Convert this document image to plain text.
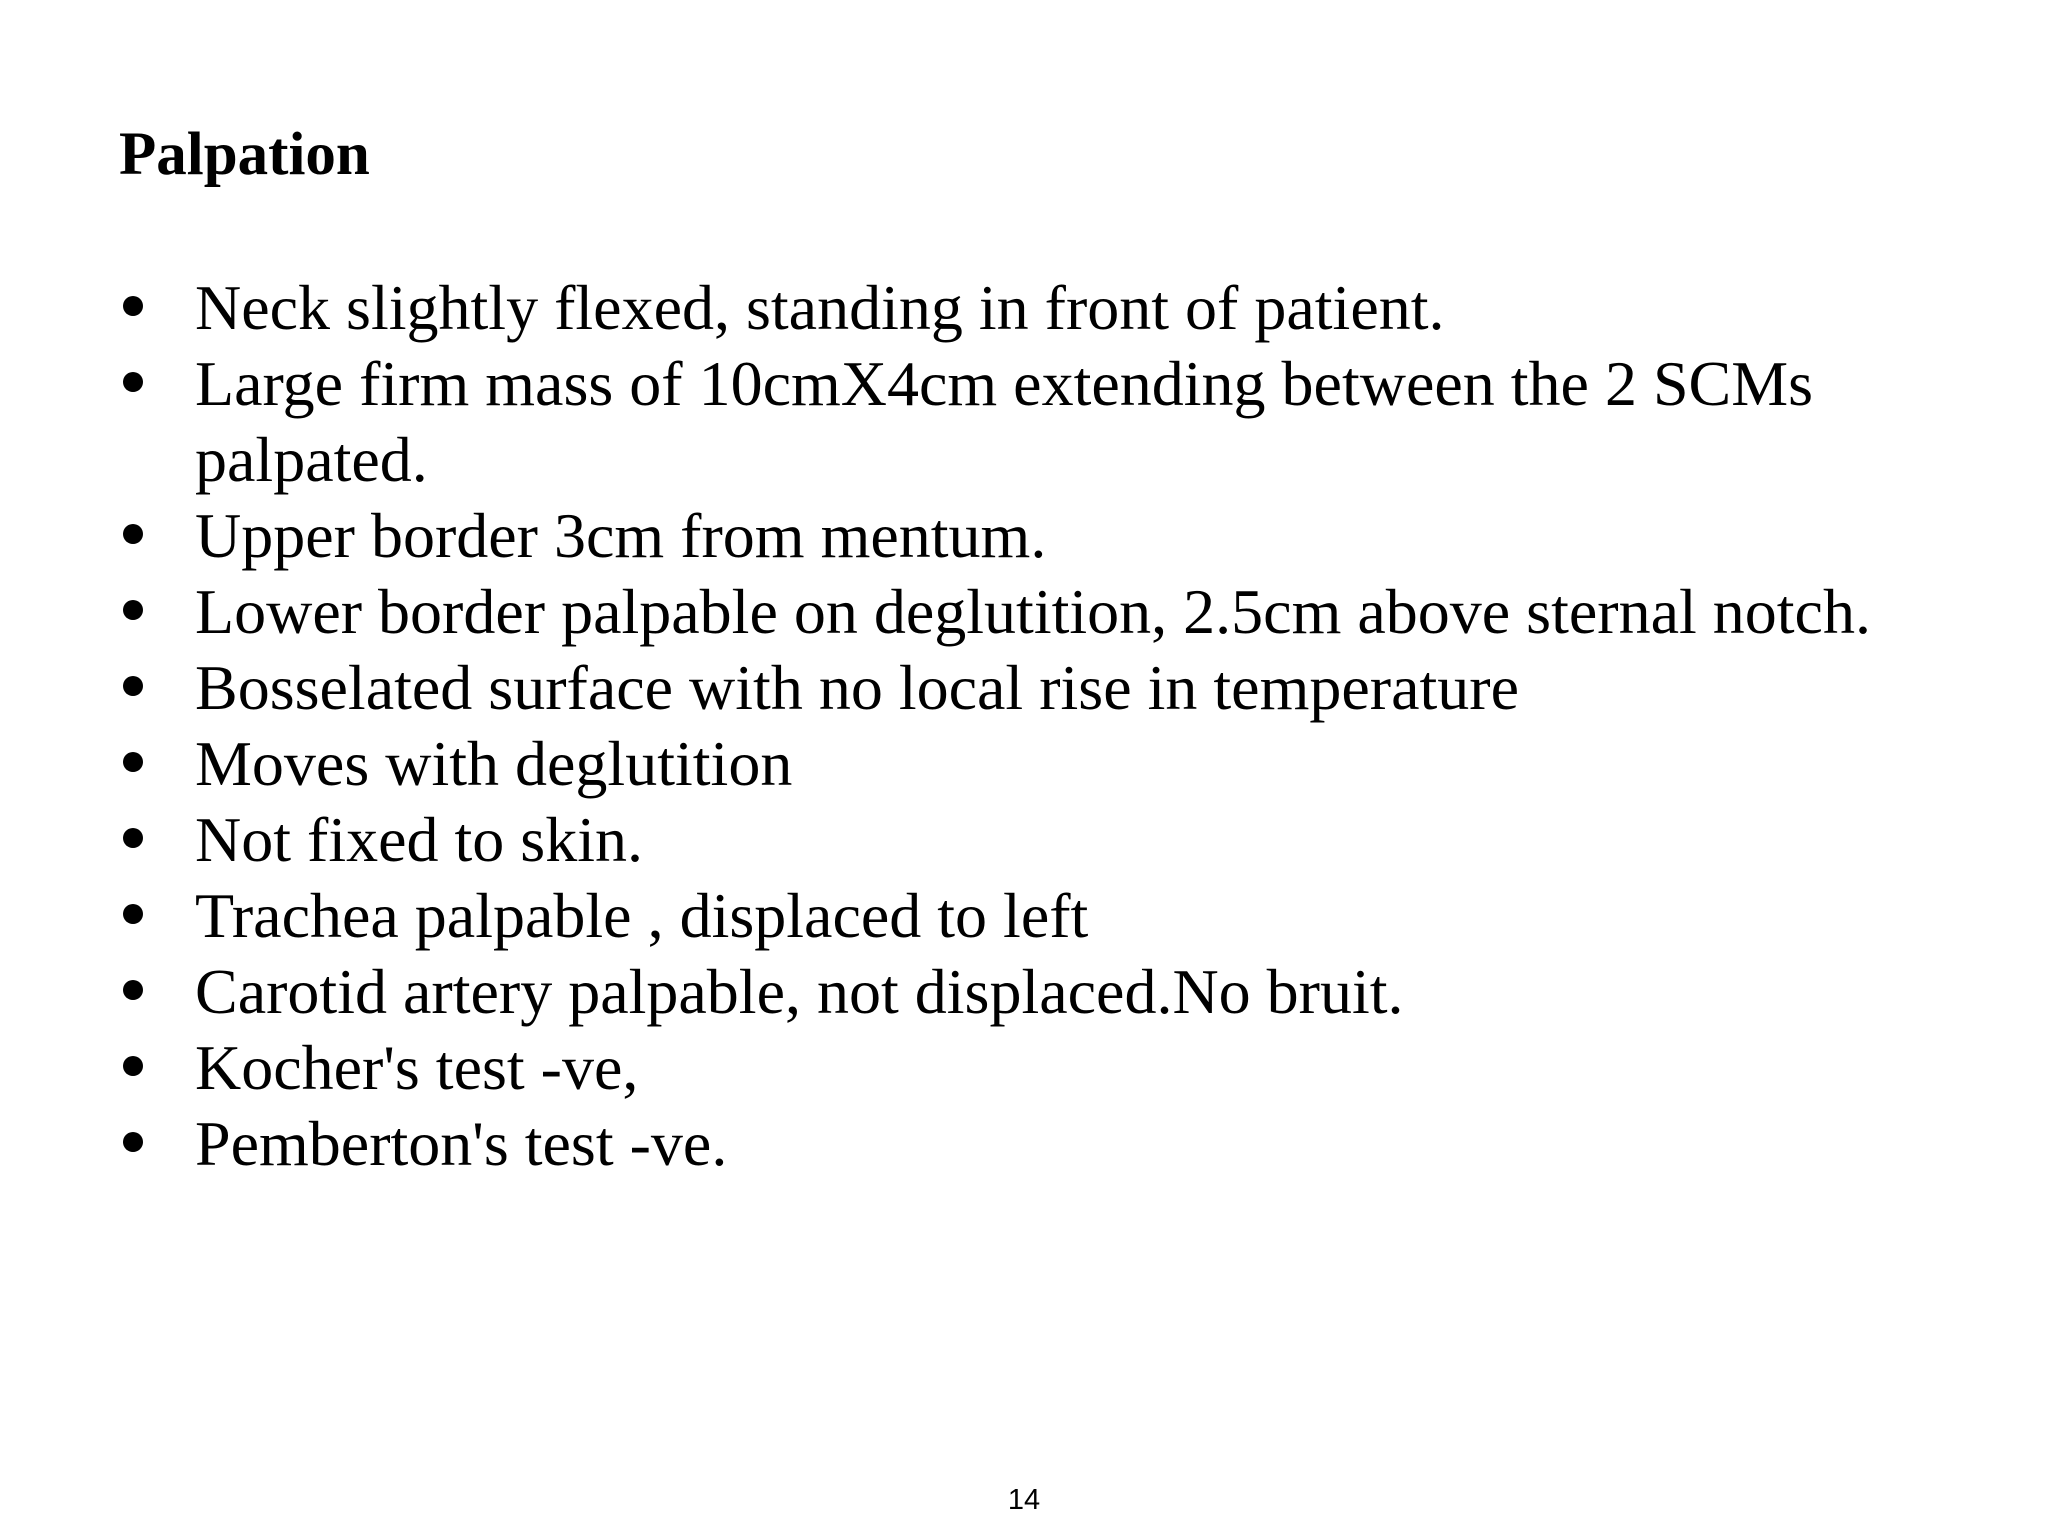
Palpation
Neck slightly flexed, standing in front of patient.
Large firm mass of 10cmX4cm extending between the 2 SCMs palpated.
Upper border 3cm from mentum.
Lower border palpable on deglutition, 2.5cm above sternal notch.
Bosselated surface with no local rise in temperature
Moves with deglutition
Not fixed to skin.
Trachea palpable , displaced to left
Carotid artery palpable, not displaced.No bruit.
Kocher's test -ve,
Pemberton's test -ve.
14
